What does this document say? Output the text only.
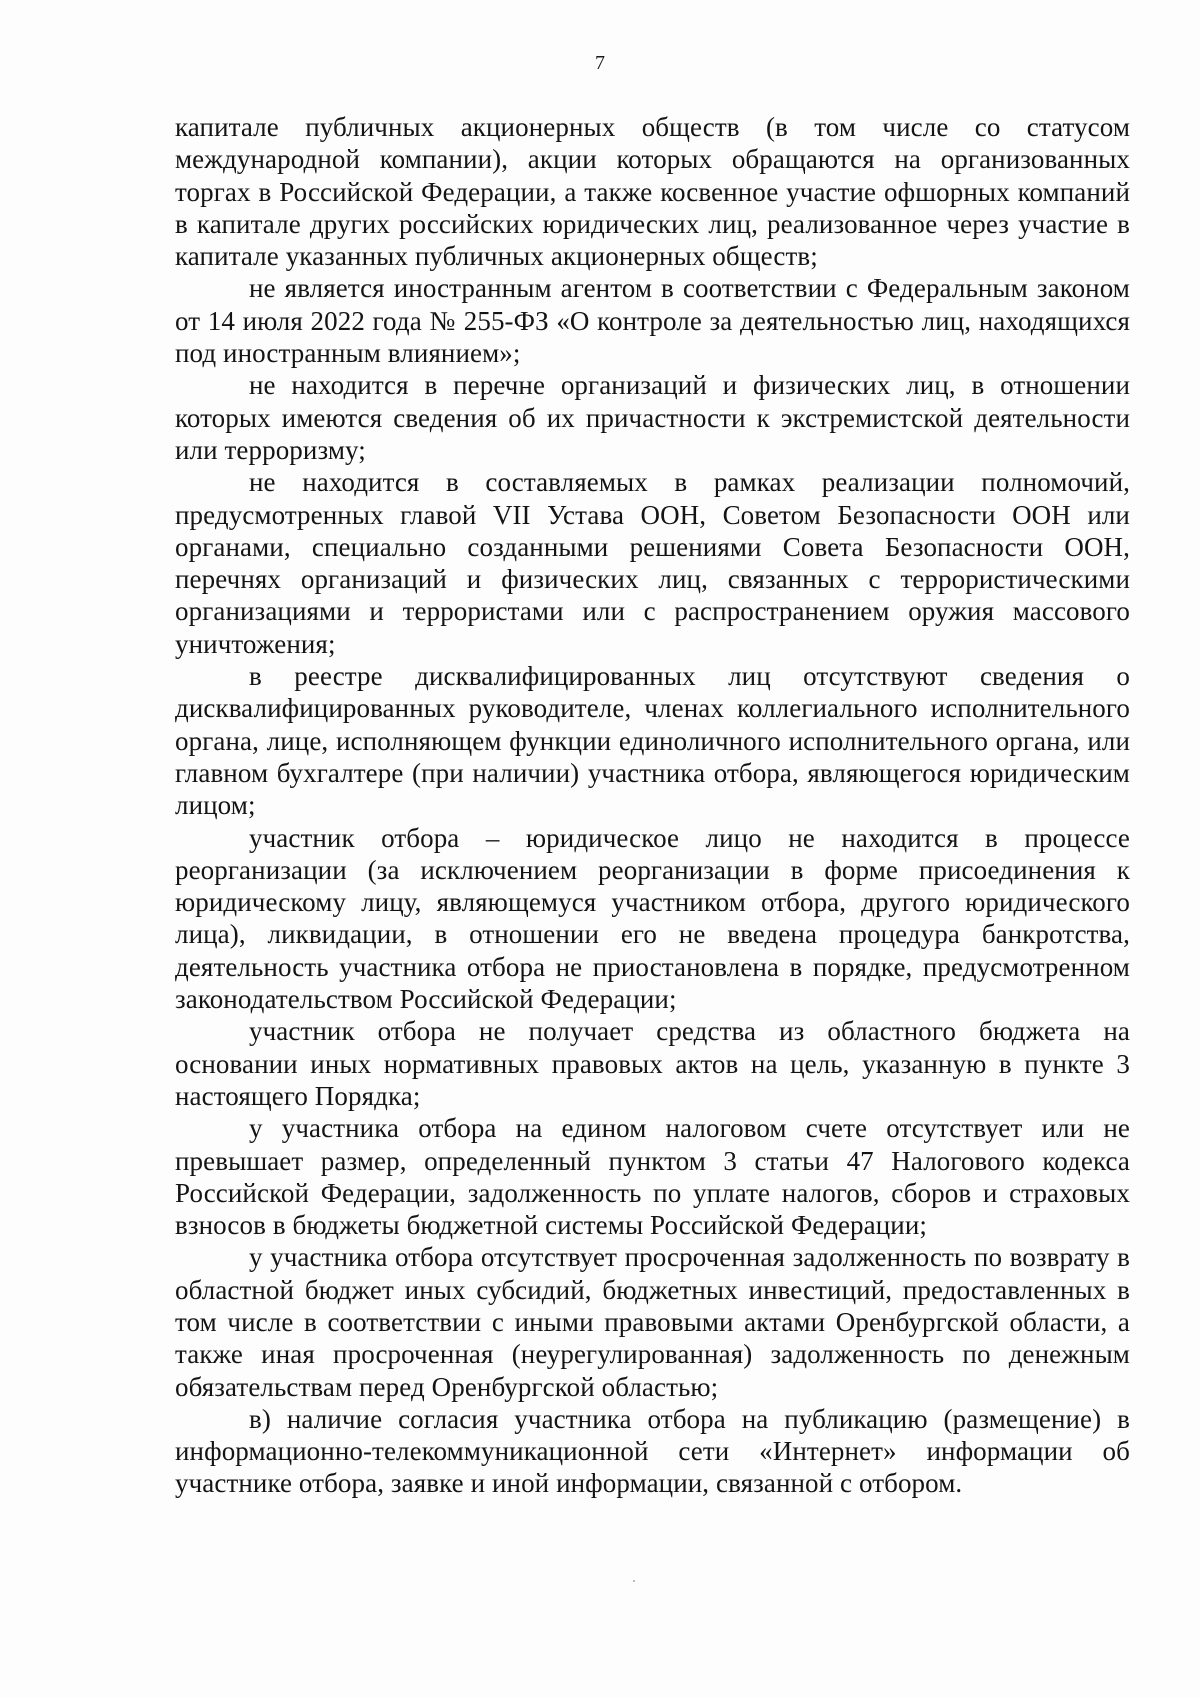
7

капитале публичных акционерных обществ (в том числе со статусом международной компании), акции которых обращаются на организованных торгах в Российской Федерации, а также косвенное участие офшорных компаний в капитале других российских юридических лиц, реализованное через участие в капитале указанных публичных акционерных обществ;

не является иностранным агентом в соответствии с Федеральным законом от 14 июля 2022 года № 255-ФЗ «О контроле за деятельностью лиц, находящихся под иностранным влиянием»;

не находится в перечне организаций и физических лиц, в отношении которых имеются сведения об их причастности к экстремистской деятельности или терроризму;

не находится в составляемых в рамках реализации полномочий, предусмотренных главой VII Устава ООН, Советом Безопасности ООН или органами, специально созданными решениями Совета Безопасности ООН, перечнях организаций и физических лиц, связанных с террористическими организациями и террористами или с распространением оружия массового уничтожения;

в реестре дисквалифицированных лиц отсутствуют сведения о дисквалифицированных руководителе, членах коллегиального исполнительного органа, лице, исполняющем функции единоличного исполнительного органа, или главном бухгалтере (при наличии) участника отбора, являющегося юридическим лицом;

участник отбора – юридическое лицо не находится в процессе реорганизации (за исключением реорганизации в форме присоединения к юридическому лицу, являющемуся участником отбора, другого юридического лица), ликвидации, в отношении его не введена процедура банкротства, деятельность участника отбора не приостановлена в порядке, предусмотренном законодательством Российской Федерации;

участник отбора не получает средства из областного бюджета на основании иных нормативных правовых актов на цель, указанную в пункте 3 настоящего Порядка;

у участника отбора на едином налоговом счете отсутствует или не превышает размер, определенный пунктом 3 статьи 47 Налогового кодекса Российской Федерации, задолженность по уплате налогов, сборов и страховых взносов в бюджеты бюджетной системы Российской Федерации;

у участника отбора отсутствует просроченная задолженность по возврату в областной бюджет иных субсидий, бюджетных инвестиций, предоставленных в том числе в соответствии с иными правовыми актами Оренбургской области, а также иная просроченная (неурегулированная) задолженность по денежным обязательствам перед Оренбургской областью;

в) наличие согласия участника отбора на публикацию (размещение) в информационно-телекоммуникационной сети «Интернет» информации об участнике отбора, заявке и иной информации, связанной с отбором.
